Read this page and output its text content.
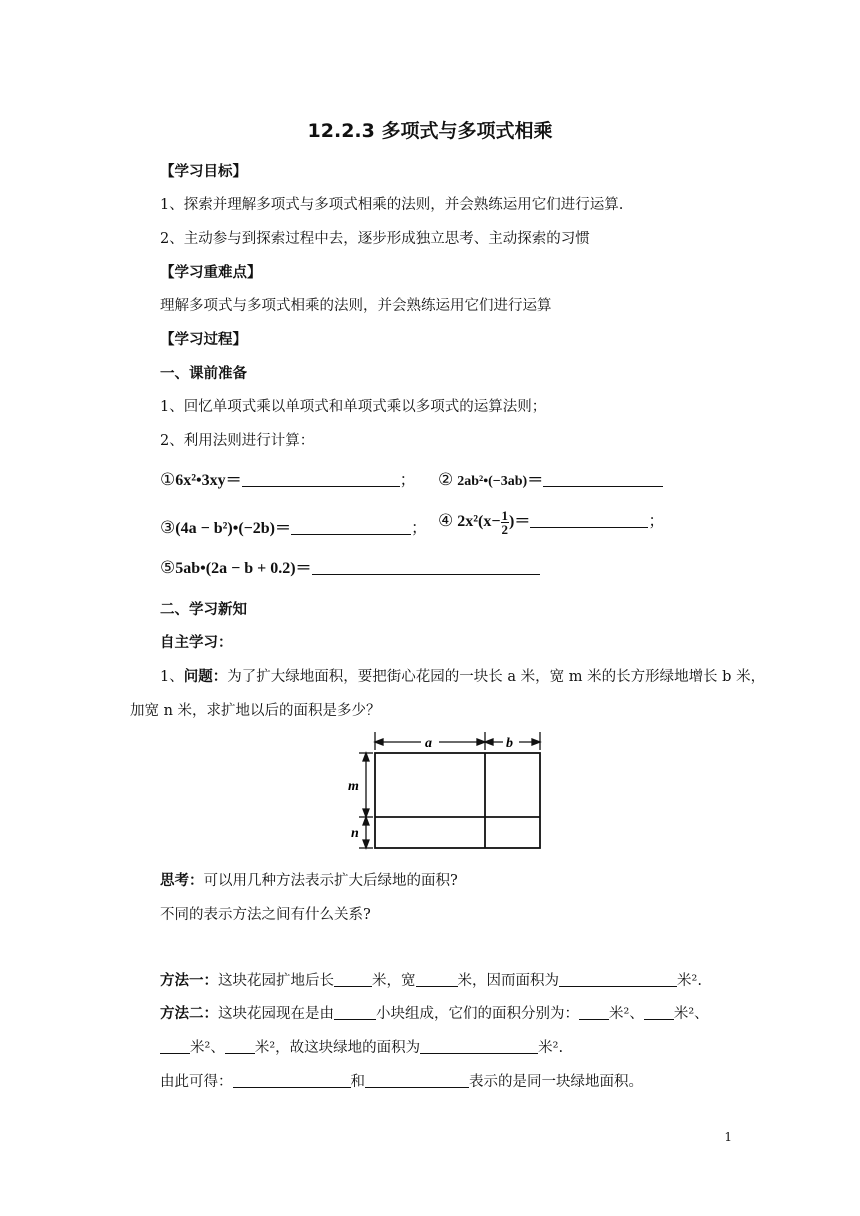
12.2.3 多项式与多项式相乘
【学习目标】
1、探索并理解多项式与多项式相乘的法则，并会熟练运用它们进行运算.
2、主动参与到探索过程中去，逐步形成独立思考、主动探索的习惯
【学习重难点】
理解多项式与多项式相乘的法则，并会熟练运用它们进行运算
【学习过程】
一、课前准备
1、回忆单项式乘以单项式和单项式乘以多项式的运算法则；
2、利用法则进行计算：
①6x²•3xy＝	； ② 2ab²•(−3ab)＝
③(4a − b²)•(−2b)＝	； ④ $2x^2(x- \frac{1}{2}$ )＝	；
⑤5ab•(2a − b + 0.2)＝
二、学习新知
自主学习：
1、问题：为了扩大绿地面积，要把街心花园的一块长 a 米，宽 m 米的长方形绿地增长 b 米，
加宽 n 米，求扩地以后的面积是多少？
a	b
m
n
思考：可以用几种方法表示扩大后绿地的面积?
不同的表示方法之间有什么关系?
方法一：这块花园扩地后长	米，宽	米，因而面积为	米².
方法二：这块花园现在是由	小块组成，它们的面积分别为： 米²、 米²、
米²、 米²，故这块绿地的面积为	米².
由此可得：	和	表示的是同一块绿地面积。
1
